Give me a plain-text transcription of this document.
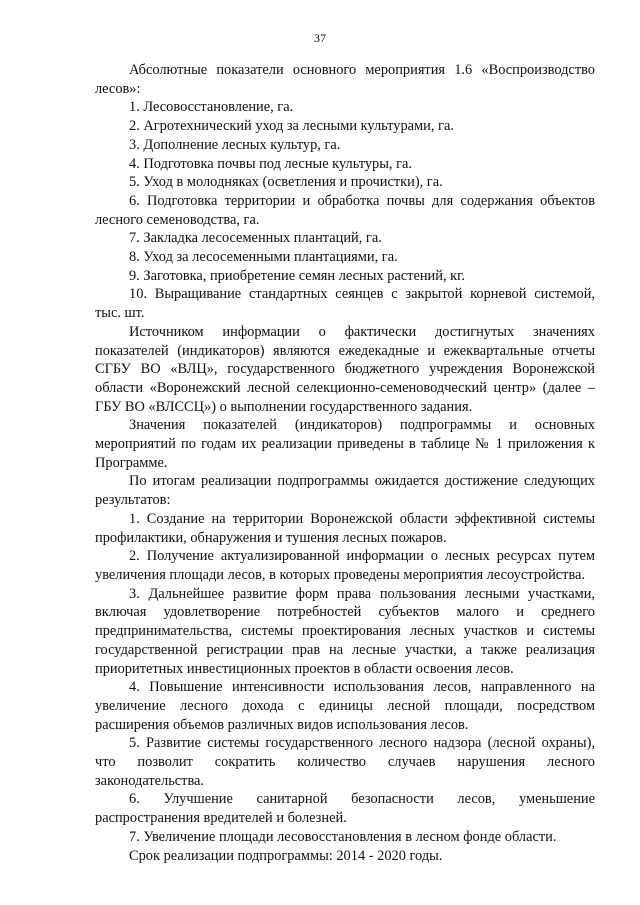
37

Абсолютные показатели основного мероприятия 1.6 «Воспроизводство лесов»:

1. Лесовосстановление, га.

2. Агротехнический уход за лесными культурами, га.

3. Дополнение лесных культур, га.

4. Подготовка почвы под лесные культуры, га.

5. Уход в молодняках (осветления и прочистки), га.

6. Подготовка территории и обработка почвы для содержания объектов лесного семеноводства, га.

7. Закладка лесосеменных плантаций, га.

8. Уход за лесосеменными плантациями, га.

9. Заготовка, приобретение семян лесных растений, кг.

10. Выращивание стандартных сеянцев с закрытой корневой системой, тыс. шт.

Источником информации о фактически достигнутых значениях показателей (индикаторов) являются ежедекадные и ежеквартальные отчеты СГБУ ВО «ВЛЦ», государственного бюджетного учреждения Воронежской области «Воронежский лесной селекционно-семеноводческий центр» (далее – ГБУ ВО «ВЛССЦ») о выполнении государственного задания.

Значения показателей (индикаторов) подпрограммы и основных мероприятий по годам их реализации приведены в таблице № 1 приложения к Программе.

По итогам реализации подпрограммы ожидается достижение следующих результатов:

1. Создание на территории Воронежской области эффективной системы профилактики, обнаружения и тушения лесных пожаров.

2. Получение актуализированной информации о лесных ресурсах путем увеличения площади лесов, в которых проведены мероприятия лесоустройства.

3. Дальнейшее развитие форм права пользования лесными участками, включая удовлетворение потребностей субъектов малого и среднего предпринимательства, системы проектирования лесных участков и системы государственной регистрации прав на лесные участки, а также реализация приоритетных инвестиционных проектов в области освоения лесов.

4. Повышение интенсивности использования лесов, направленного на увеличение лесного дохода с единицы лесной площади, посредством расширения объемов различных видов использования лесов.

5. Развитие системы государственного лесного надзора (лесной охраны), что позволит сократить количество случаев нарушения лесного законодательства.

6. Улучшение санитарной безопасности лесов, уменьшение распространения вредителей и болезней.

7. Увеличение площади лесовосстановления в лесном фонде области.

Срок реализации подпрограммы: 2014 - 2020 годы.
